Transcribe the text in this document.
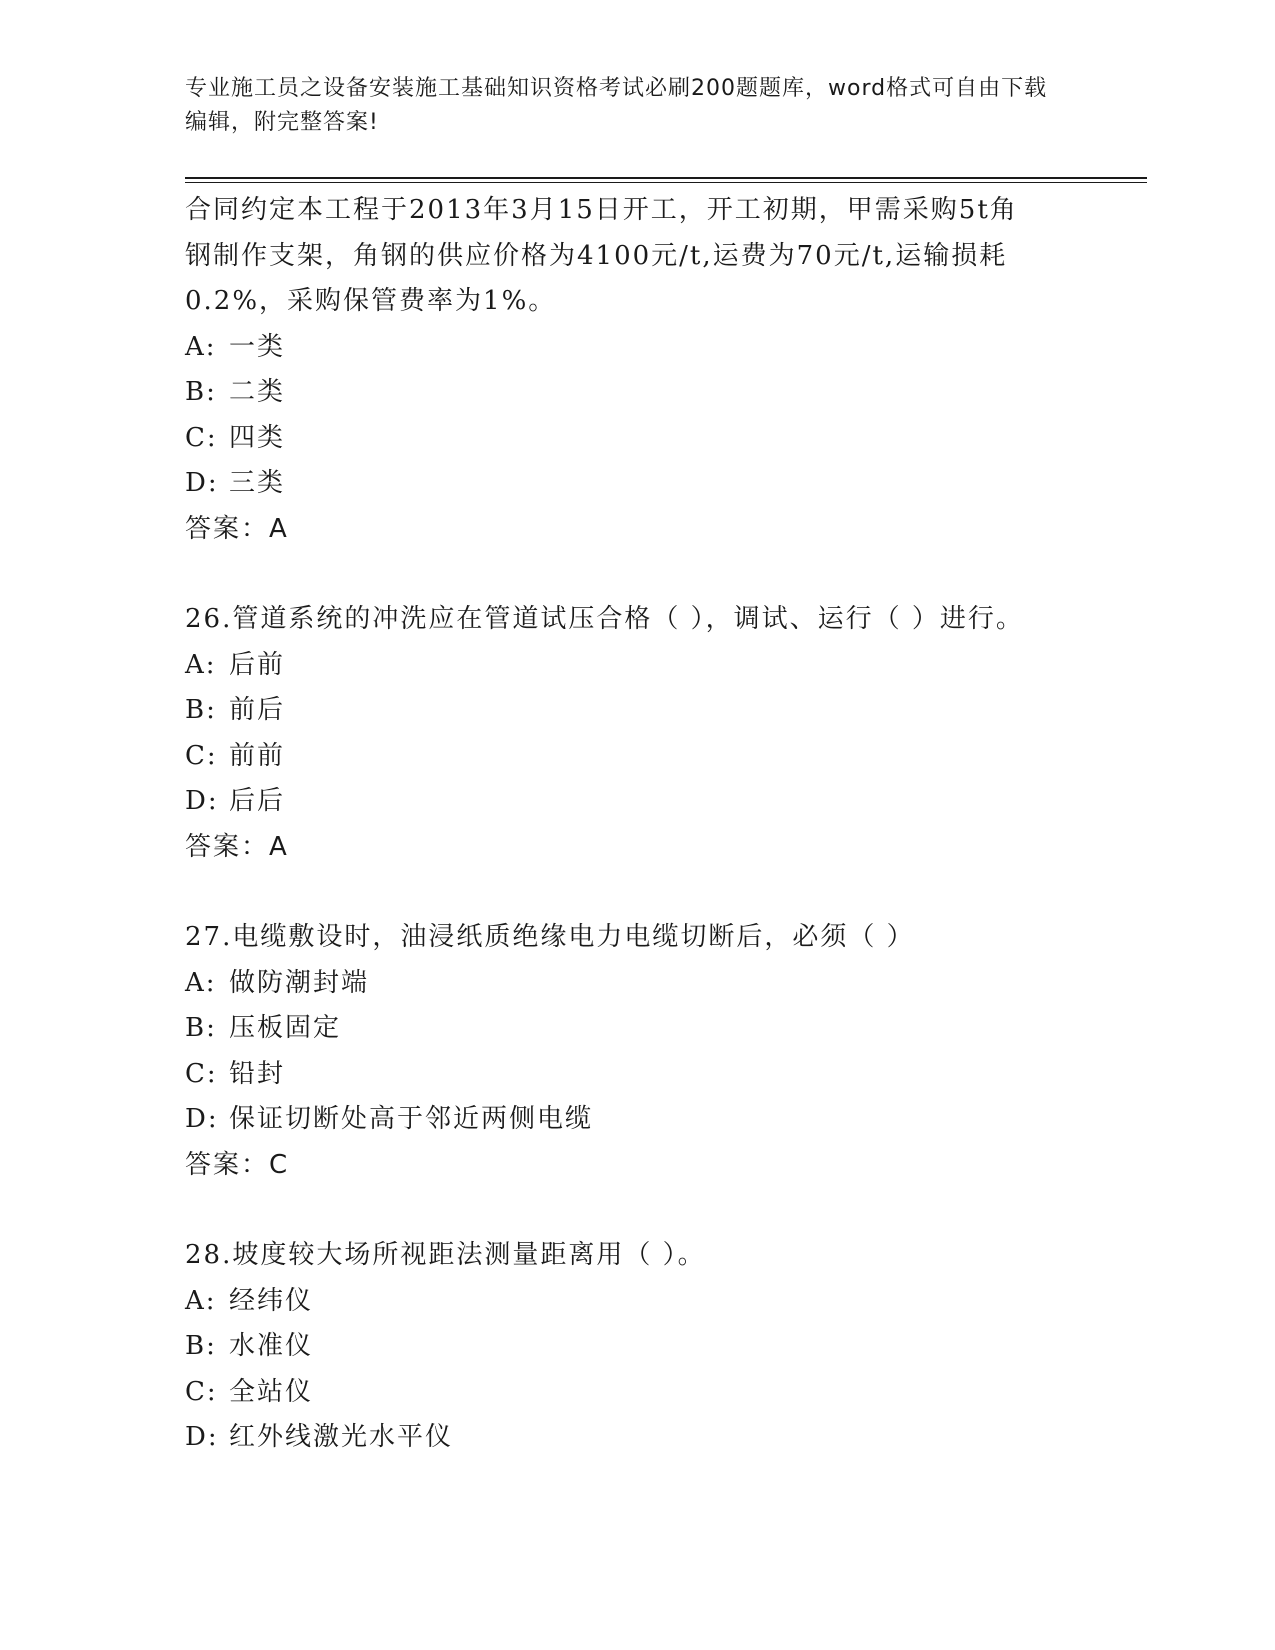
专业施工员之设备安装施工基础知识资格考试必刷200题题库，word格式可自由下载编辑，附完整答案!
合同约定本工程于2013年3月15日开工，开工初期，甲需采购5t角
钢制作支架，角钢的供应价格为4100元/t,运费为70元/t,运输损耗
0.2%，采购保管费率为1%。
A: 一类
B: 二类
C: 四类
D: 三类
答案：A
26.管道系统的冲洗应在管道试压合格（ ），调试、运行（ ）进行。
A: 后前
B: 前后
C: 前前
D: 后后
答案：A
27.电缆敷设时，油浸纸质绝缘电力电缆切断后，必须（ ）
A: 做防潮封端
B: 压板固定
C: 铅封
D: 保证切断处高于邻近两侧电缆
答案：C
28.坡度较大场所视距法测量距离用（ ）。
A: 经纬仪
B: 水准仪
C: 全站仪
D: 红外线激光水平仪
